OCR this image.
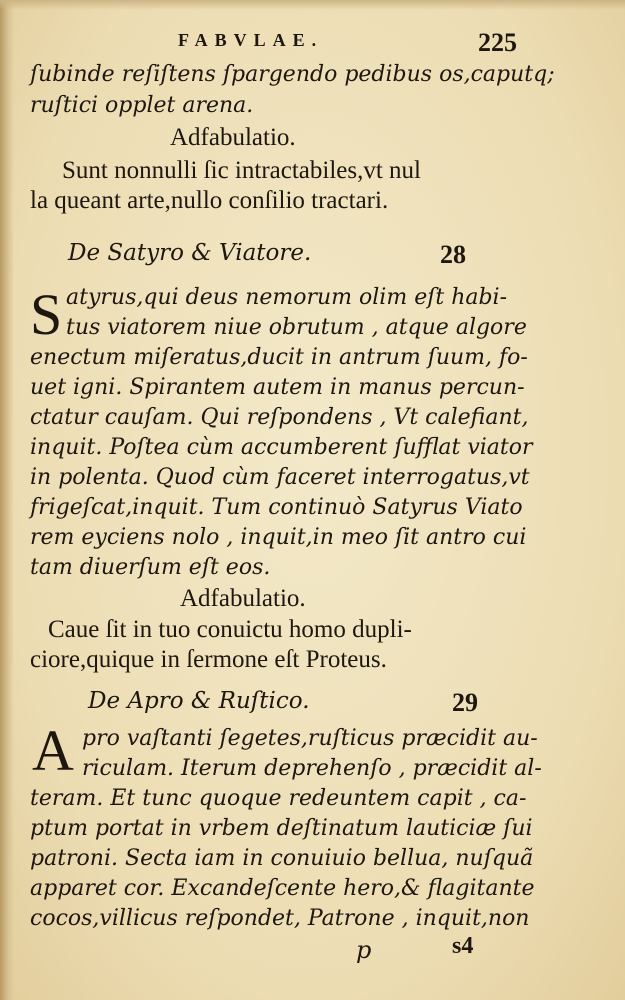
FABVLAE.	225
ſubinde reſiſtens ſpargendo pedibus os,caputq;
ruſtici opplet arena.
Adfabulatio.
Sunt nonnulli ſic intractabiles,vt nul
la queant arte,nullo conſilio tractari.
De Satyro & Viatore.	28
S atyrus,qui deus nemorum olim eſt habi-
tus viatorem niue obrutum , atque algore
enectum miſeratus,ducit in antrum ſuum, fo-
uet igni. Spirantem autem in manus percun-
ctatur cauſam. Qui reſpondens , Vt calefiant,
inquit. Poſtea cùm accumberent ſufflat viator
in polenta. Quod cùm faceret interrogatus,vt
frigeſcat,inquit. Tum continuò Satyrus Viato
rem eyciens nolo , inquit,in meo ſit antro cui
tam diuerſum eſt eos.
Adfabulatio.
Caue ſit in tuo conuictu homo dupli-
ciore,quique in ſermone eſt Proteus.
De Apro & Ruſtico.	29
A pro vaſtanti ſegetes,ruſticus præcidit au-
riculam. Iterum deprehenſo , præcidit al-
teram. Et tunc quoque redeuntem capit , ca-
ptum portat in vrbem deſtinatum lauticiæ ſui
patroni. Secta iam in conuiuio bellua, nuſquã
apparet cor. Excandeſcente hero,& flagitante
cocos,villicus reſpondet, Patrone , inquit,non
p	s4
